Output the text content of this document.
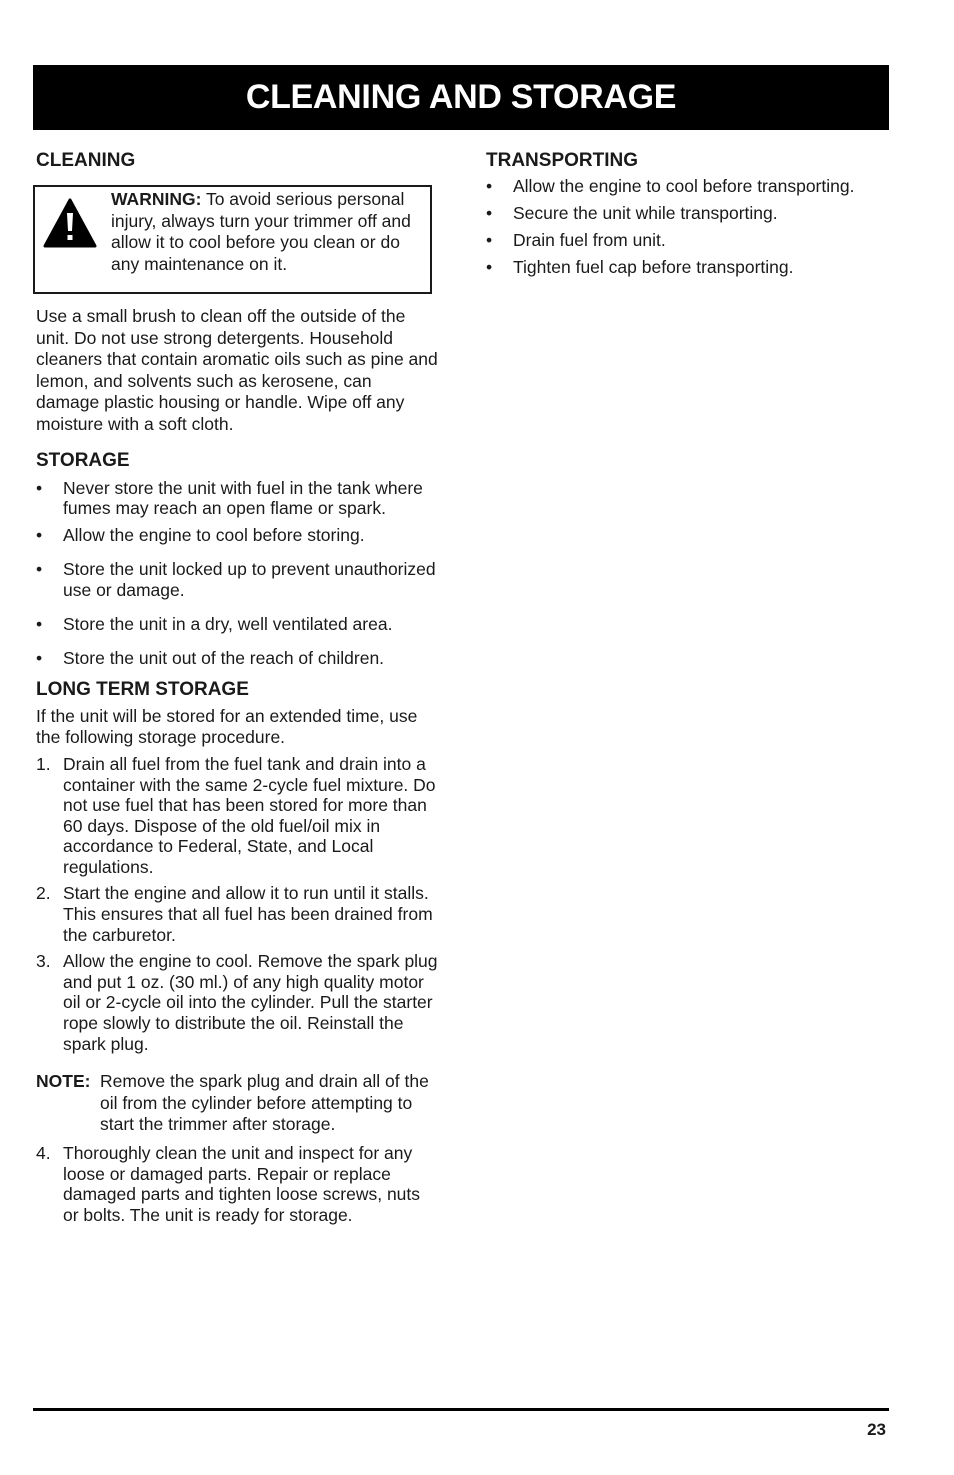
CLEANING AND STORAGE
CLEANING
WARNING: To avoid serious personal injury, always turn your trimmer off and allow it to cool before you clean or do any maintenance on it.

Use a small brush to clean off the outside of the unit. Do not use strong detergents. Household cleaners that contain aromatic oils such as pine and lemon, and solvents such as kerosene, can damage plastic housing or handle. Wipe off any moisture with a soft cloth.

STORAGE
• Never store the unit with fuel in the tank where fumes may reach an open flame or spark.
• Allow the engine to cool before storing.
• Store the unit locked up to prevent unauthorized use or damage.
• Store the unit in a dry, well ventilated area.
• Store the unit out of the reach of children.
LONG TERM STORAGE

If the unit will be stored for an extended time, use the following storage procedure.

1. Drain all fuel from the fuel tank and drain into a container with the same 2-cycle fuel mixture. Do not use fuel that has been stored for more than 60 days. Dispose of the old fuel/oil mix in accordance to Federal, State, and Local regulations.
2. Start the engine and allow it to run until it stalls. This ensures that all fuel has been drained from the carburetor.
3. Allow the engine to cool. Remove the spark plug and put 1 oz. (30 ml.) of any high quality motor oil or 2-cycle oil into the cylinder. Pull the starter rope slowly to distribute the oil. Reinstall the spark plug.
NOTE: Remove the spark plug and drain all of the oil from the cylinder before attempting to start the trimmer after storage.
4. Thoroughly clean the unit and inspect for any loose or damaged parts. Repair or replace damaged parts and tighten loose screws, nuts or bolts. The unit is ready for storage.
TRANSPORTING
• Allow the engine to cool before transporting.
• Secure the unit while transporting.
• Drain fuel from unit.
• Tighten fuel cap before transporting.
23
